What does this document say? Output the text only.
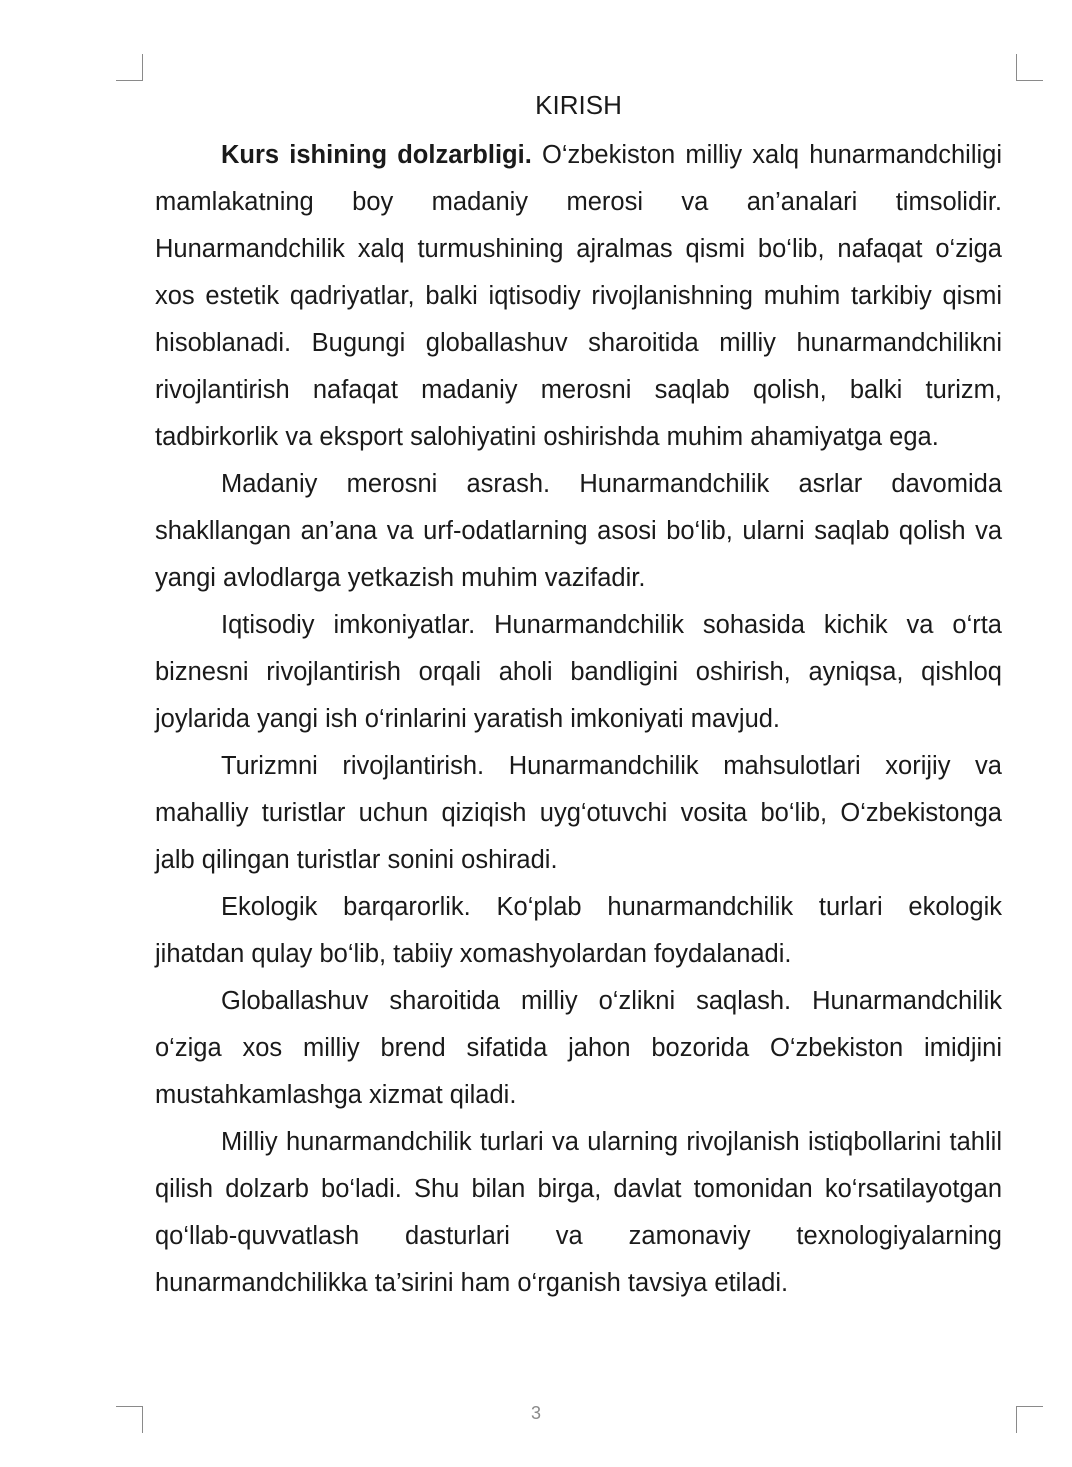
KIRISH

Kurs ishining dolzarbligi. O‘zbekiston milliy xalq hunarmandchiligi mamlakatning boy madaniy merosi va an’analari timsolidir. Hunarmandchilik xalq turmushining ajralmas qismi bo‘lib, nafaqat o‘ziga xos estetik qadriyatlar, balki iqtisodiy rivojlanishning muhim tarkibiy qismi hisoblanadi. Bugungi globallashuv sharoitida milliy hunarmandchilikni rivojlantirish nafaqat madaniy merosni saqlab qolish, balki turizm, tadbirkorlik va eksport salohiyatini oshirishda muhim ahamiyatga ega.

Madaniy merosni asrash. Hunarmandchilik asrlar davomida shakllangan an’ana va urf-odatlarning asosi bo‘lib, ularni saqlab qolish va yangi avlodlarga yetkazish muhim vazifadir.

Iqtisodiy imkoniyatlar. Hunarmandchilik sohasida kichik va o‘rta biznesni rivojlantirish orqali aholi bandligini oshirish, ayniqsa, qishloq joylarida yangi ish o‘rinlarini yaratish imkoniyati mavjud.

Turizmni rivojlantirish. Hunarmandchilik mahsulotlari xorijiy va mahalliy turistlar uchun qiziqish uyg‘otuvchi vosita bo‘lib, O‘zbekistonga jalb qilingan turistlar sonini oshiradi.

Ekologik barqarorlik. Ko‘plab hunarmandchilik turlari ekologik jihatdan qulay bo‘lib, tabiiy xomashyolardan foydalanadi.

Globallashuv sharoitida milliy o‘zlikni saqlash. Hunarmandchilik o‘ziga xos milliy brend sifatida jahon bozorida O‘zbekiston imidjini mustahkamlashga xizmat qiladi.

Milliy hunarmandchilik turlari va ularning rivojlanish istiqbollarini tahlil qilish dolzarb bo‘ladi. Shu bilan birga, davlat tomonidan ko‘rsatilayotgan qo‘llab-quvvatlash dasturlari va zamonaviy texnologiyalarning hunarmandchilikka ta’sirini ham o‘rganish tavsiya etiladi.

3
